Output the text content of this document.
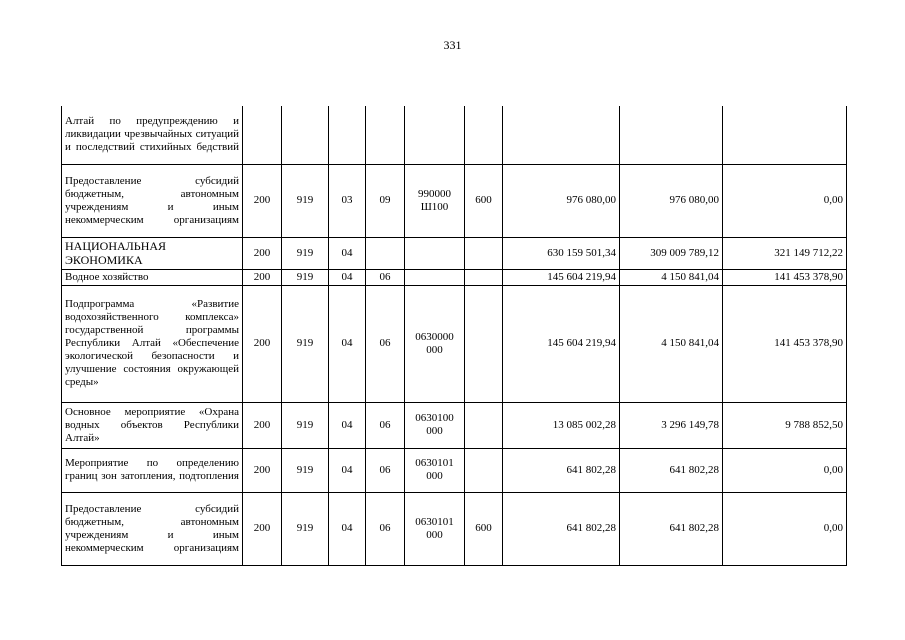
331
Алтай по предупреждению и ликвидации чрезвычайных ситуаций и последствий стихийных бедствий									
Предоставление субсидий бюджетным, автономным учреждениям и иным некоммерческим организациям	200	919	03	09	990000 Ш100	600	976 080,00	976 080,00	0,00
НАЦИОНАЛЬНАЯ ЭКОНОМИКА	200	919	04				630 159 501,34	309 009 789,12	321 149 712,22
Водное хозяйство	200	919	04	06			145 604 219,94	4 150 841,04	141 453 378,90
Подпрограмма «Развитие водохозяйственного комплекса» государственной программы Республики Алтай «Обеспечение экологической безопасности и улучшение состояния окружающей среды»	200	919	04	06	0630000 000		145 604 219,94	4 150 841,04	141 453 378,90
Основное мероприятие «Охрана водных объектов Республики Алтай»	200	919	04	06	0630100 000		13 085 002,28	3 296 149,78	9 788 852,50
Мероприятие по определению границ зон затопления, подтопления	200	919	04	06	0630101 000		641 802,28	641 802,28	0,00
Предоставление субсидий бюджетным, автономным учреждениям и иным некоммерческим организациям	200	919	04	06	0630101 000	600	641 802,28	641 802,28	0,00
